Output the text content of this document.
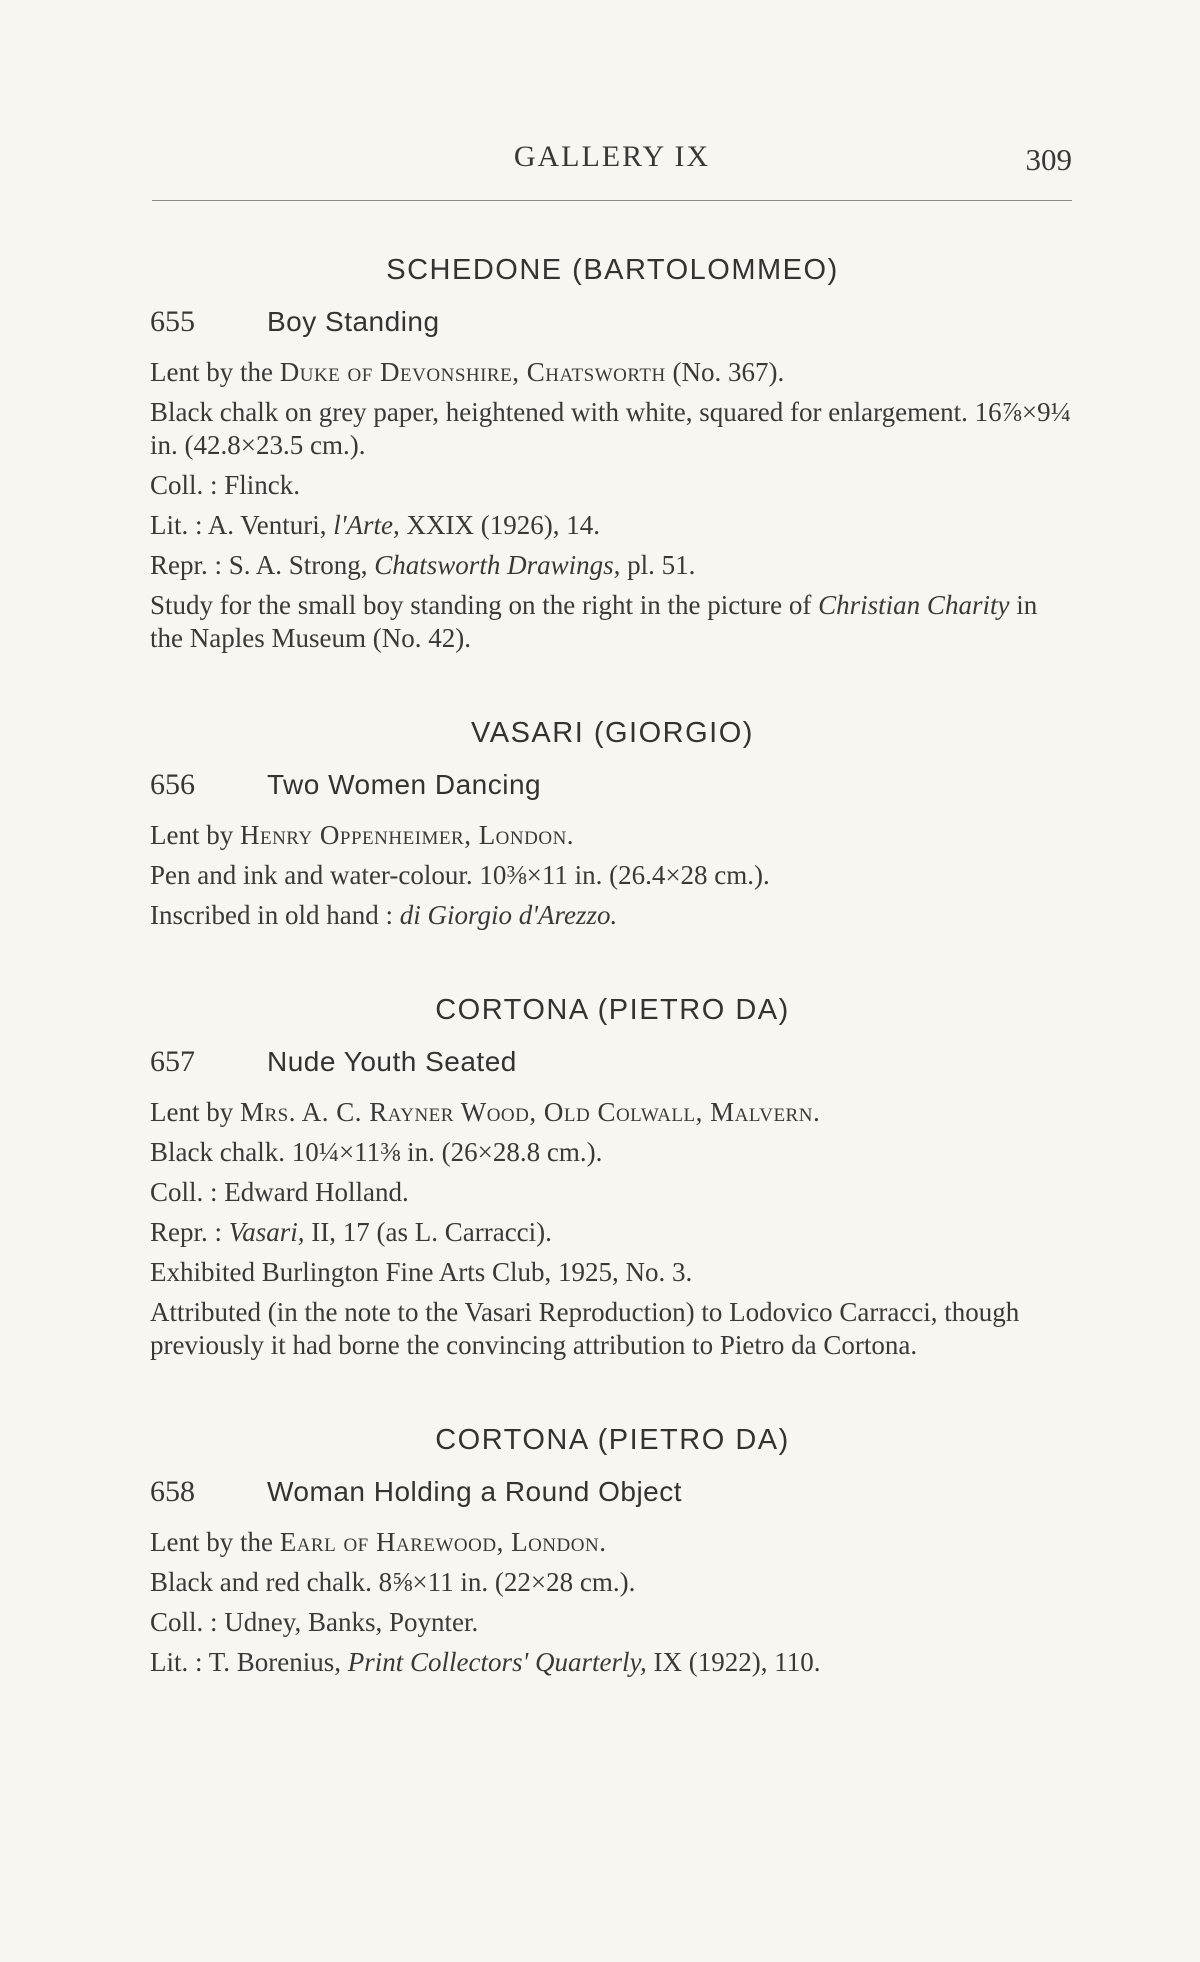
GALLERY IX	309
SCHEDONE (BARTOLOMMEO)
655	Boy Standing
Lent by the Duke of Devonshire, Chatsworth (No. 367).
Black chalk on grey paper, heightened with white, squared for enlargement. 16⅞×9¼ in. (42.8×23.5 cm.).
Coll. : Flinck.
Lit. : A. Venturi, l'Arte, XXIX (1926), 14.
Repr. : S. A. Strong, Chatsworth Drawings, pl. 51.
Study for the small boy standing on the right in the picture of Christian Charity in the Naples Museum (No. 42).
VASARI (GIORGIO)
656	Two Women Dancing
Lent by Henry Oppenheimer, London.
Pen and ink and water-colour. 10⅜×11 in. (26.4×28 cm.).
Inscribed in old hand : di Giorgio d'Arezzo.
CORTONA (PIETRO DA)
657	Nude Youth Seated
Lent by Mrs. A. C. Rayner Wood, Old Colwall, Malvern.
Black chalk. 10¼×11⅜ in. (26×28.8 cm.).
Coll. : Edward Holland.
Repr. : Vasari, II, 17 (as L. Carracci).
Exhibited Burlington Fine Arts Club, 1925, No. 3.
Attributed (in the note to the Vasari Reproduction) to Lodovico Carracci, though previously it had borne the convincing attribution to Pietro da Cortona.
CORTONA (PIETRO DA)
658	Woman Holding a Round Object
Lent by the Earl of Harewood, London.
Black and red chalk. 8⅝×11 in. (22×28 cm.).
Coll. : Udney, Banks, Poynter.
Lit. : T. Borenius, Print Collectors' Quarterly, IX (1922), 110.
